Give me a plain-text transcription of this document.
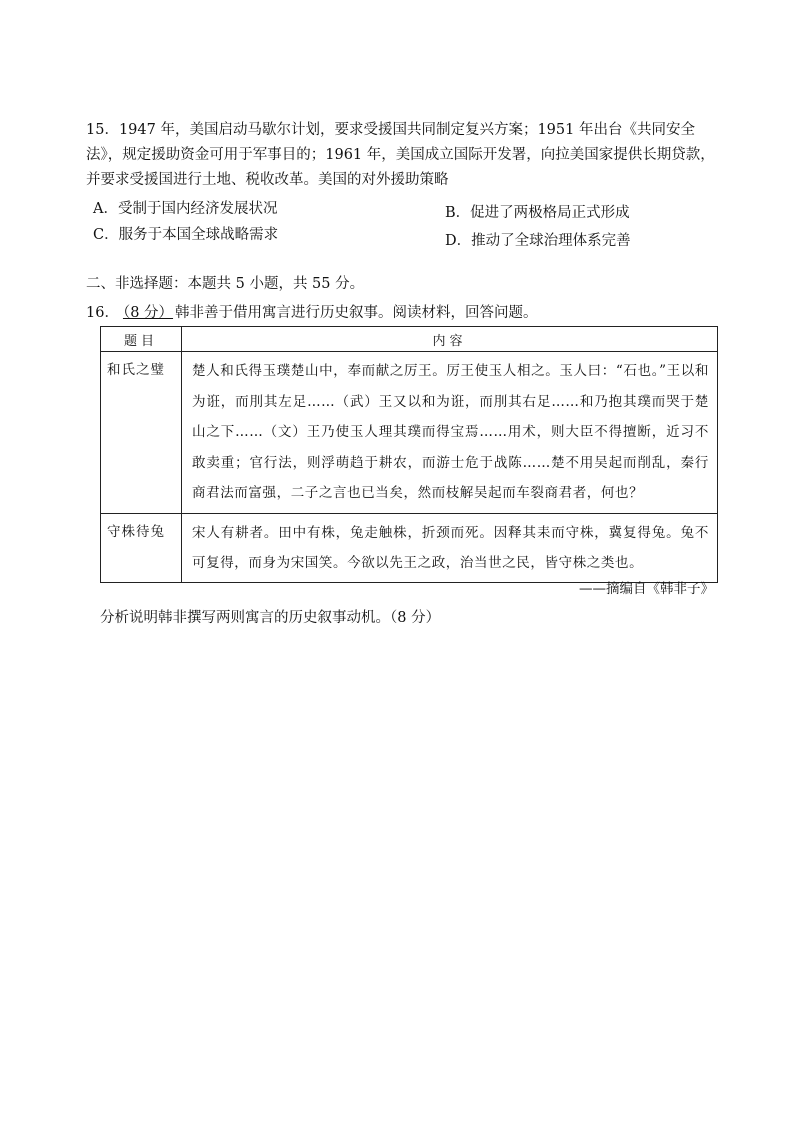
15．1947 年，美国启动马歇尔计划，要求受援国共同制定复兴方案；1951 年出台《共同安全法》，规定援助资金可用于军事目的；1961 年，美国成立国际开发署，向拉美国家提供长期贷款，并要求受援国进行土地、税收改革。美国的对外援助策略
A．受制于国内经济发展状况	B．促进了两极格局正式形成
C．服务于本国全球战略需求	D．推动了全球治理体系完善
二、非选择题：本题共 5 小题，共 55 分。
16． （8 分） 韩非善于借用寓言进行历史叙事。阅读材料，回答问题。
题目	内容
和氏之璧	楚人和氏得玉璞楚山中，奉而献之厉王。厉王使玉人相之。玉人曰：“石也。”王以和为诳，而刖其左足……（武）王又以和为诳，而刖其右足……和乃抱其璞而哭于楚山之下……（文）王乃使玉人理其璞而得宝焉……用术，则大臣不得擅断，近习不敢卖重；官行法，则浮萌趋于耕农，而游士危于战陈……楚不用吴起而削乱，秦行商君法而富强，二子之言也已当矣，然而枝解吴起而车裂商君者，何也？
守株待兔	宋人有耕者。田中有株，兔走触株，折颈而死。因释其耒而守株，冀复得兔。兔不可复得，而身为宋国笑。今欲以先王之政，治当世之民，皆守株之类也。
——摘编自《韩非子》
分析说明韩非撰写两则寓言的历史叙事动机。（8 分）
